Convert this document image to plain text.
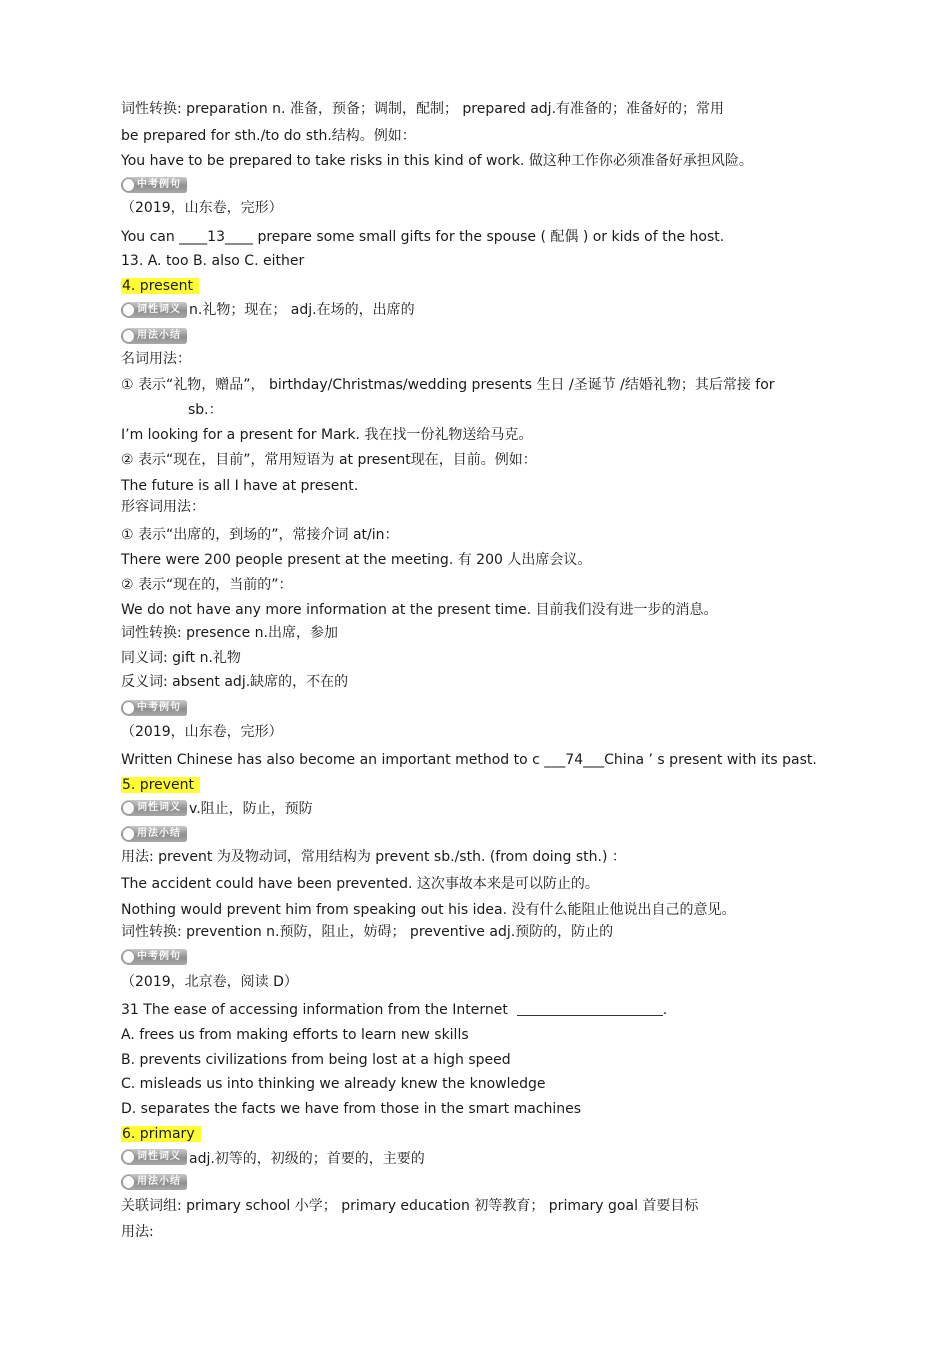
词性转换: preparation n. 准备，预备；调制，配制； prepared adj.有准备的；准备好的；常用
be prepared for sth./to do sth.结构。例如：
You have to be prepared to take risks in this kind of work. 做这种工作你必须准备好承担风险。
中考例句
（2019，山东卷，完形）
You can ____13____ prepare some small gifts for the spouse ( 配偶 ) or kids of the host.
13. A. too B. also C. either
4. present
词性词义 n.礼物；现在； adj.在场的，出席的
用法小结
名词用法：
① 表示“礼物，赠品”， birthday/Christmas/wedding presents 生日 /圣诞节 /结婚礼物；其后常接 for
sb.：
I’m looking for a present for Mark. 我在找一份礼物送给马克。
② 表示“现在，目前”，常用短语为 at present现在，目前。例如：
The future is all I have at present.
形容词用法：
① 表示“出席的，到场的”，常接介词 at/in：
There were 200 people present at the meeting. 有 200 人出席会议。
② 表示“现在的，当前的”：
We do not have any more information at the present time. 目前我们没有进一步的消息。
词性转换: presence n.出席，参加
同义词: gift n.礼物
反义词: absent adj.缺席的，不在的
中考例句
（2019，山东卷，完形）
Written Chinese has also become an important method to c ___74___China ’ s present with its past.
5. prevent
词性词义 v.阻止，防止，预防
用法小结
用法: prevent 为及物动词，常用结构为 prevent sb./sth. (from doing sth.) ：
The accident could have been prevented. 这次事故本来是可以防止的。
Nothing would prevent him from speaking out his idea. 没有什么能阻止他说出自己的意见。
词性转换: prevention n.预防，阻止，妨碍； preventive adj.预防的，防止的
中考例句
（2019，北京卷，阅读 D）
31 The ease of accessing information from the Internet	.
A. frees us from making efforts to learn new skills
B. prevents civilizations from being lost at a high speed
C. misleads us into thinking we already knew the knowledge
D. separates the facts we have from those in the smart machines
6. primary
词性词义 adj.初等的，初级的；首要的，主要的
用法小结
关联词组: primary school 小学； primary education 初等教育； primary goal 首要目标
用法:
